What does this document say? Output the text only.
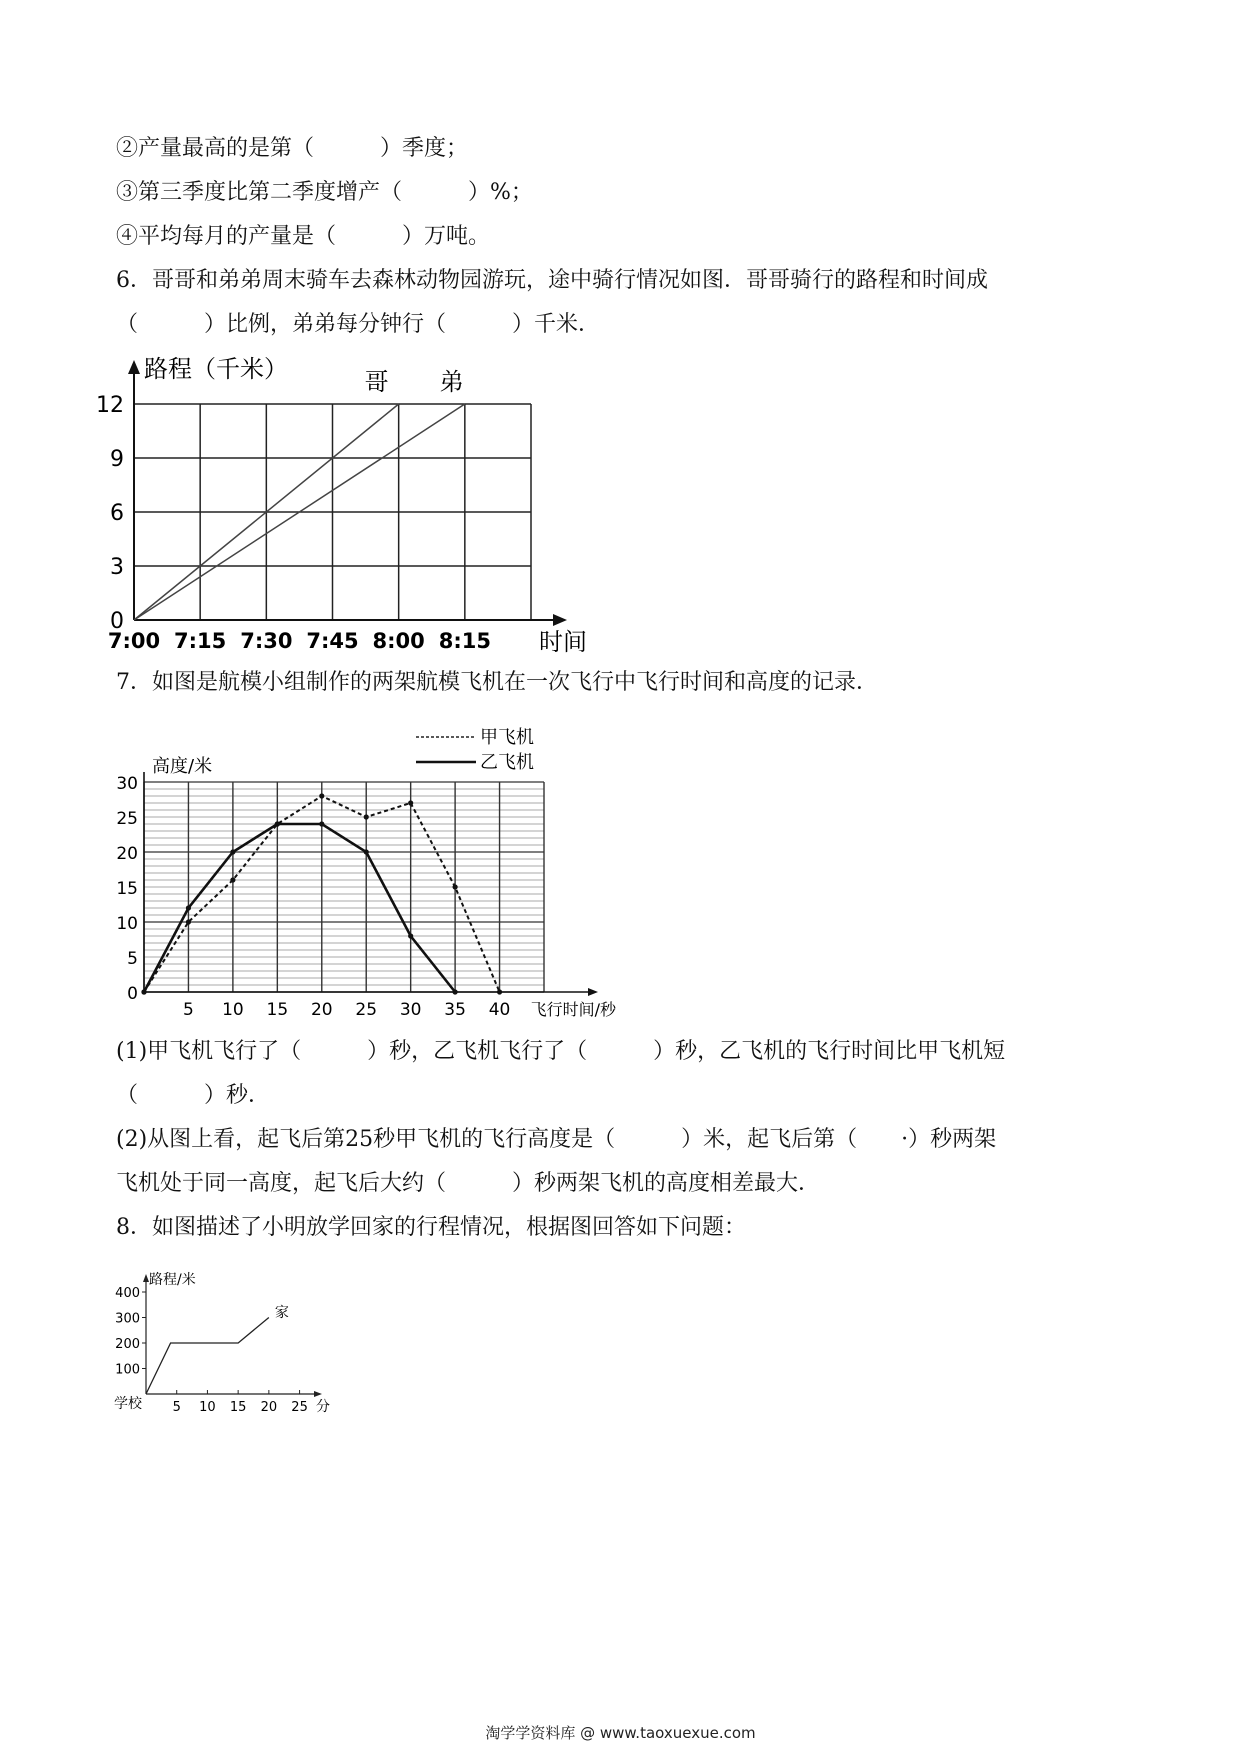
②产量最高的是第（　　　）季度；
③第三季度比第二季度增产（　　　）%；
④平均每月的产量是（　　　）万吨。
6．哥哥和弟弟周末骑车去森林动物园游玩，途中骑行情况如图．哥哥骑行的路程和时间成
（　　　）比例，弟弟每分钟行（　　　）千米．
0
3
6
9
12
路程（千米）
时间
7:00 7:15 7:30 7:45 8:00 8:15
哥 弟
7．如图是航模小组制作的两架航模飞机在一次飞行中飞行时间和高度的记录．
0
5
10
15
20
25
30
5 10 15 20 25 30 35 40 飞行时间/秒
高度/米
甲飞机
乙飞机
(1)甲飞机飞行了（　　　）秒，乙飞机飞行了（　　　）秒，乙飞机的飞行时间比甲飞机短
（　　　）秒．
(2)从图上看，起飞后第25秒甲飞机的飞行高度是（　　　）米，起飞后第（　　·）秒两架
飞机处于同一高度，起飞后大约（　　　）秒两架飞机的高度相差最大．
8．如图描述了小明放学回家的行程情况，根据图回答如下问题：
路程/米
100
200
300
400
5 10 15 20 25 分
学校
家
淘学学资料库 @ www.taoxuexue.com
